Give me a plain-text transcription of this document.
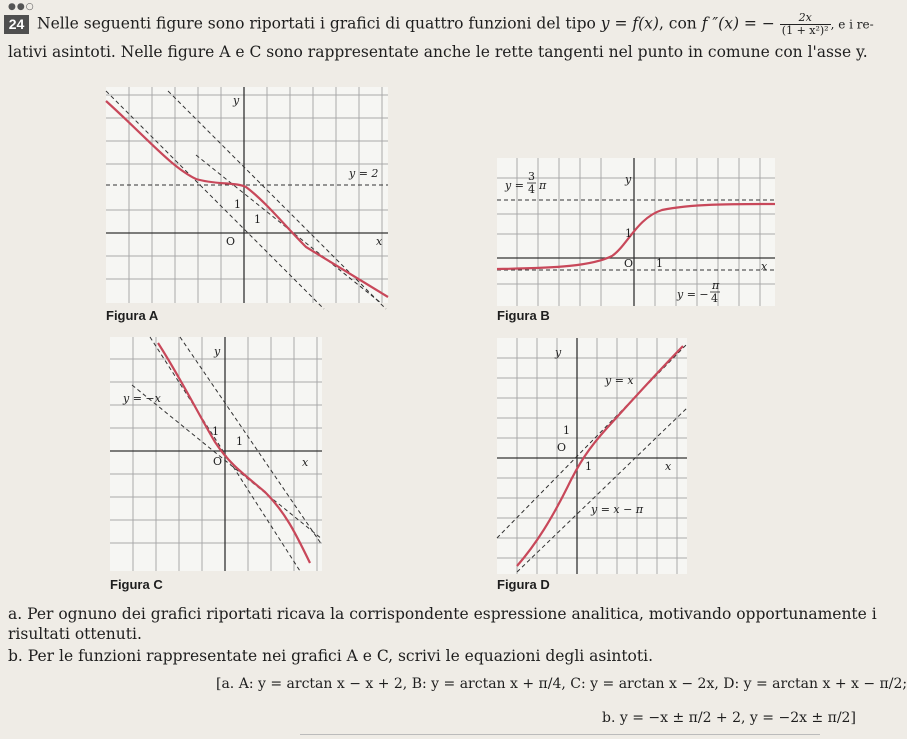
●●○
24 Nelle seguenti figure sono riportati i grafici di quattro funzioni del tipo y = f(x), con f ″(x) = − $\frac{2x}{\text{(1 + x²)²}}$ , e i re-
lativi asintoti. Nelle figure A e C sono rappresentate anche le rette tangenti nel punto in comune con l'asse y.
y
x
O
1
1
y = 2
Figura A
y
x
O
1
1
y =
3
4 π
y = −
π
4
Figura B
y
x
O
1
1
y = −x
Figura C
y
x
O
1
1
y = x
y = x − π
Figura D
a. Per ognuno dei grafici riportati ricava la corrispondente espressione analitica, motivando opportunamente i
risultati ottenuti.
b. Per le funzioni rappresentate nei grafici A e C, scrivi le equazioni degli asintoti.
[a. A: y = arctan x − x + 2, B: y = arctan x + π/4, C: y = arctan x − 2x, D: y = arctan x + x − π/2;
b. y = −x ± π/2 + 2, y = −2x ± π/2]
